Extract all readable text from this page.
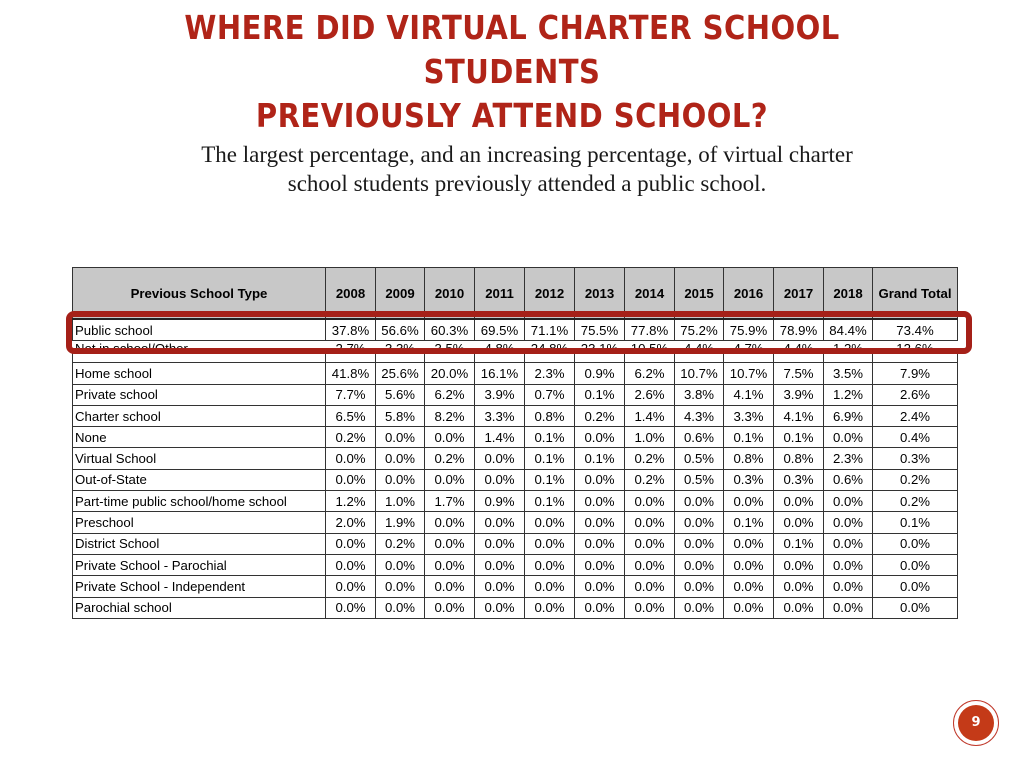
WHERE DID VIRTUAL CHARTER SCHOOL STUDENTS
PREVIOUSLY ATTEND SCHOOL?
The largest percentage, and an increasing percentage, of virtual charter
school students previously attended a public school.
Previous School Type	2008	2009	2010	2011	2012	2013	2014	2015	2016	2017	2018	Grand Total
Public school	37.8%	56.6%	60.3%	69.5%	71.1%	75.5%	77.8%	75.2%	75.9%	78.9%	84.4%	73.4%

Not in school/Other	2.7%	3.3%	3.5%	4.8%	24.8%	23.1%	10.5%	4.4%	4.7%	4.4%	1.2%	12.6%

Home school	41.8%	25.6%	20.0%	16.1%	2.3%	0.9%	6.2%	10.7%	10.7%	7.5%	3.5%	7.9%
Private school	7.7%	5.6%	6.2%	3.9%	0.7%	0.1%	2.6%	3.8%	4.1%	3.9%	1.2%	2.6%
Charter school	6.5%	5.8%	8.2%	3.3%	0.8%	0.2%	1.4%	4.3%	3.3%	4.1%	6.9%	2.4%
None	0.2%	0.0%	0.0%	1.4%	0.1%	0.0%	1.0%	0.6%	0.1%	0.1%	0.0%	0.4%
Virtual School	0.0%	0.0%	0.2%	0.0%	0.1%	0.1%	0.2%	0.5%	0.8%	0.8%	2.3%	0.3%
Out-of-State	0.0%	0.0%	0.0%	0.0%	0.1%	0.0%	0.2%	0.5%	0.3%	0.3%	0.6%	0.2%
Part-time public school/home school	1.2%	1.0%	1.7%	0.9%	0.1%	0.0%	0.0%	0.0%	0.0%	0.0%	0.0%	0.2%
Preschool	2.0%	1.9%	0.0%	0.0%	0.0%	0.0%	0.0%	0.0%	0.1%	0.0%	0.0%	0.1%
District School	0.0%	0.2%	0.0%	0.0%	0.0%	0.0%	0.0%	0.0%	0.0%	0.1%	0.0%	0.0%
Private School - Parochial	0.0%	0.0%	0.0%	0.0%	0.0%	0.0%	0.0%	0.0%	0.0%	0.0%	0.0%	0.0%
Private School - Independent	0.0%	0.0%	0.0%	0.0%	0.0%	0.0%	0.0%	0.0%	0.0%	0.0%	0.0%	0.0%
Parochial school	0.0%	0.0%	0.0%	0.0%	0.0%	0.0%	0.0%	0.0%	0.0%	0.0%	0.0%	0.0%
9
